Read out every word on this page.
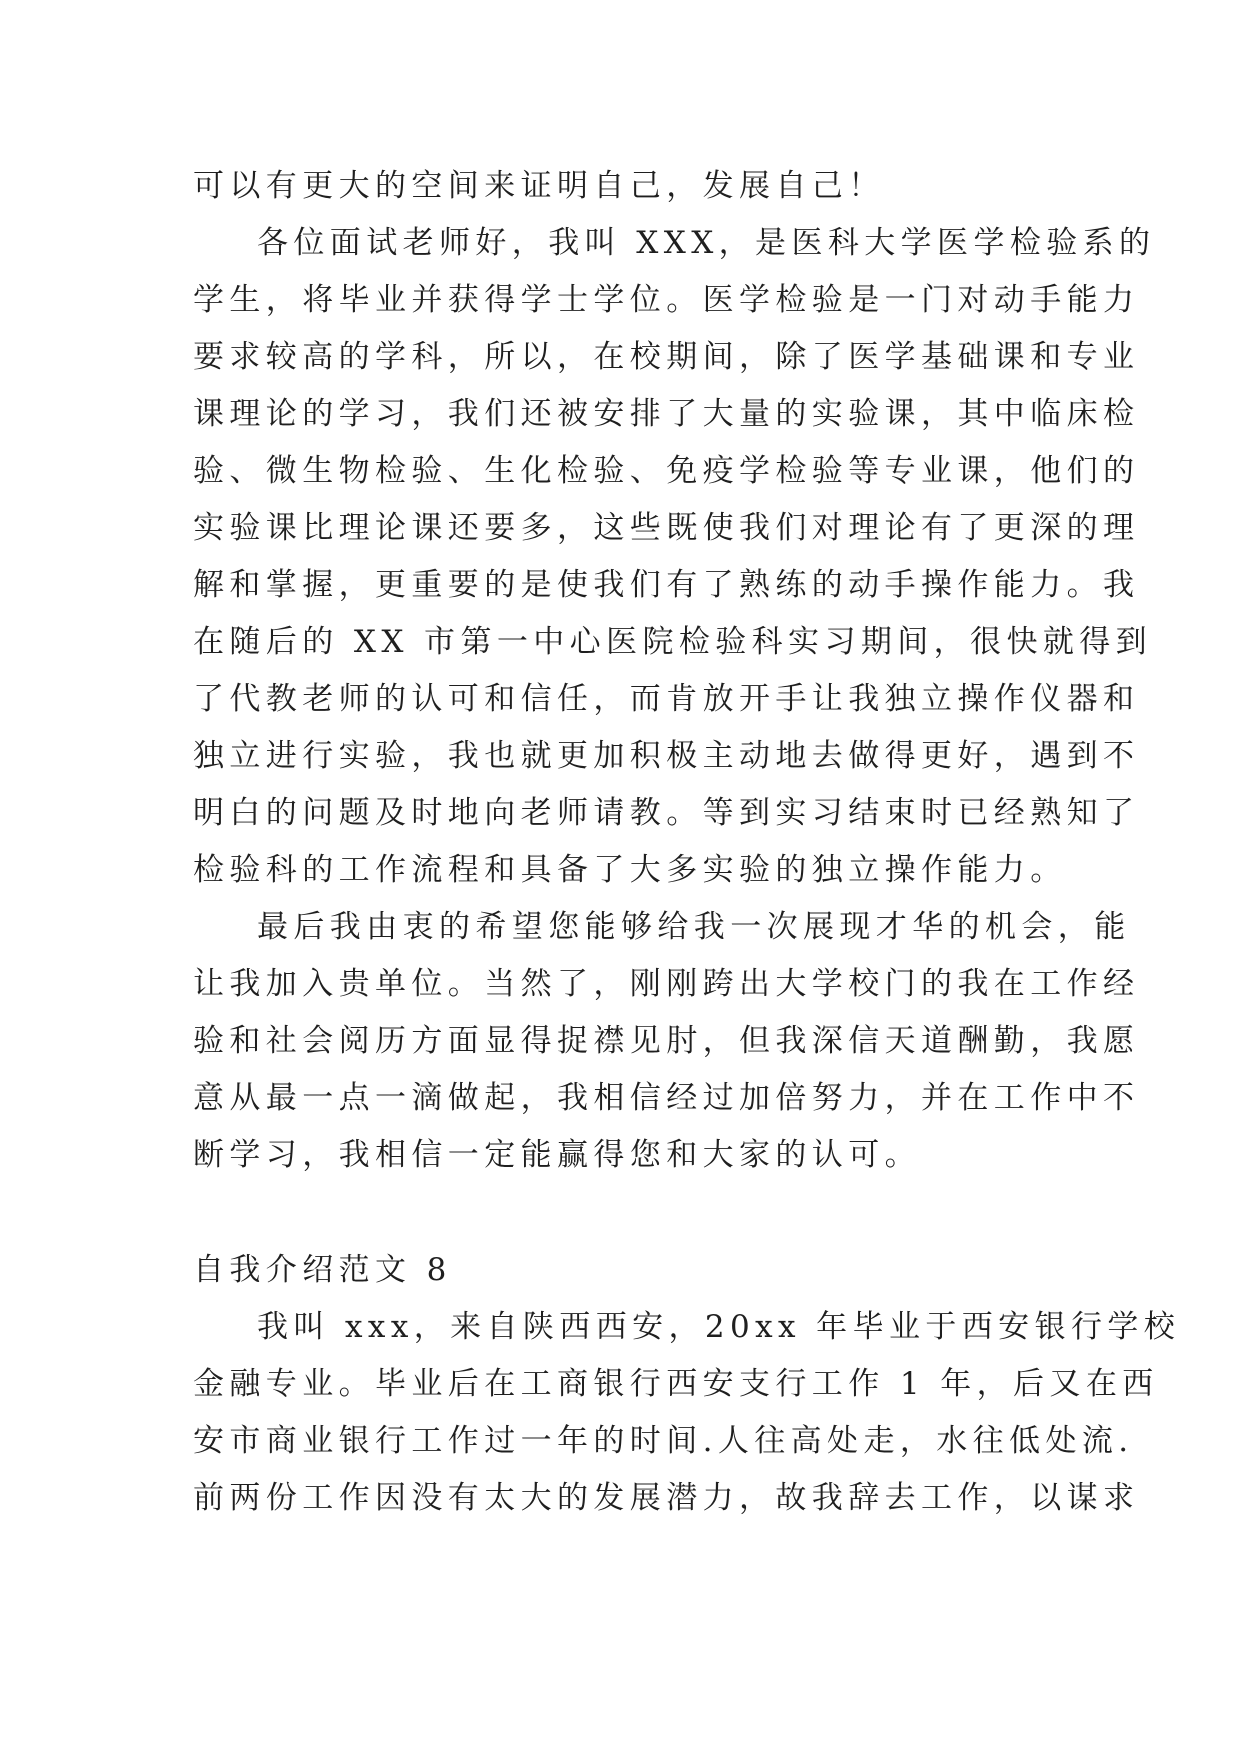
可以有更大的空间来证明自己，发展自己！
各位面试老师好，我叫 XXX，是医科大学医学检验系的
学生，将毕业并获得学士学位。医学检验是一门对动手能力
要求较高的学科，所以，在校期间，除了医学基础课和专业
课理论的学习，我们还被安排了大量的实验课，其中临床检
验、微生物检验、生化检验、免疫学检验等专业课，他们的
实验课比理论课还要多，这些既使我们对理论有了更深的理
解和掌握，更重要的是使我们有了熟练的动手操作能力。我
在随后的 XX 市第一中心医院检验科实习期间，很快就得到
了代教老师的认可和信任，而肯放开手让我独立操作仪器和
独立进行实验，我也就更加积极主动地去做得更好，遇到不
明白的问题及时地向老师请教。等到实习结束时已经熟知了
检验科的工作流程和具备了大多实验的独立操作能力。
最后我由衷的希望您能够给我一次展现才华的机会，能
让我加入贵单位。当然了，刚刚跨出大学校门的我在工作经
验和社会阅历方面显得捉襟见肘，但我深信天道酬勤，我愿
意从最一点一滴做起，我相信经过加倍努力，并在工作中不
断学习，我相信一定能赢得您和大家的认可。
自我介绍范文 8
我叫 xxx，来自陕西西安，20xx 年毕业于西安银行学校
金融专业。毕业后在工商银行西安支行工作 1 年，后又在西
安市商业银行工作过一年的时间.人往高处走，水往低处流.
前两份工作因没有太大的发展潜力，故我辞去工作，以谋求
